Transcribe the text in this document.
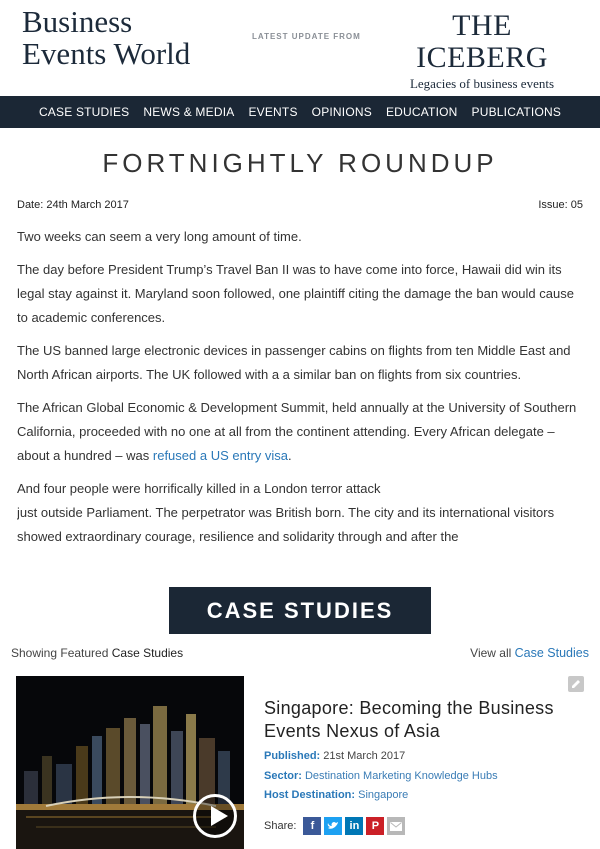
Business
Events World	LATEST UPDATE FROM	THE ICEBERG
Legacies of business events
CASE STUDIES NEWS & MEDIA EVENTS OPINIONS EDUCATION PUBLICATIONS
FORTNIGHTLY ROUNDUP
Date: 24th March 2017	Issue: 05

Two weeks can seem a very long amount of time.

The day before President Trump’s Travel Ban II was to have come into force, Hawaii did win its legal stay against it. Maryland soon followed, one plaintiff citing the damage the ban would cause to academic conferences.

The US banned large electronic devices in passenger cabins on flights from ten Middle East and North African airports. The UK followed with a a similar ban on flights from six countries.

The African Global Economic & Development Summit, held annually at the University of Southern California, proceeded with no one at all from the continent attending. Every African delegate – about a hundred – was refused a US entry visa.

And four people were horrifically killed in a London terror attack
just outside Parliament. The perpetrator was British born. The city and its international visitors showed extraordinary courage, resilience and solidarity through and after the

CASE STUDIES
Showing Featured Case Studies	View all Case Studies
Singapore: Becoming the Business Events Nexus of Asia
Published: 21st March 2017
Sector: Destination Marketing Knowledge Hubs
Host Destination: Singapore
Share:	f	in	P
